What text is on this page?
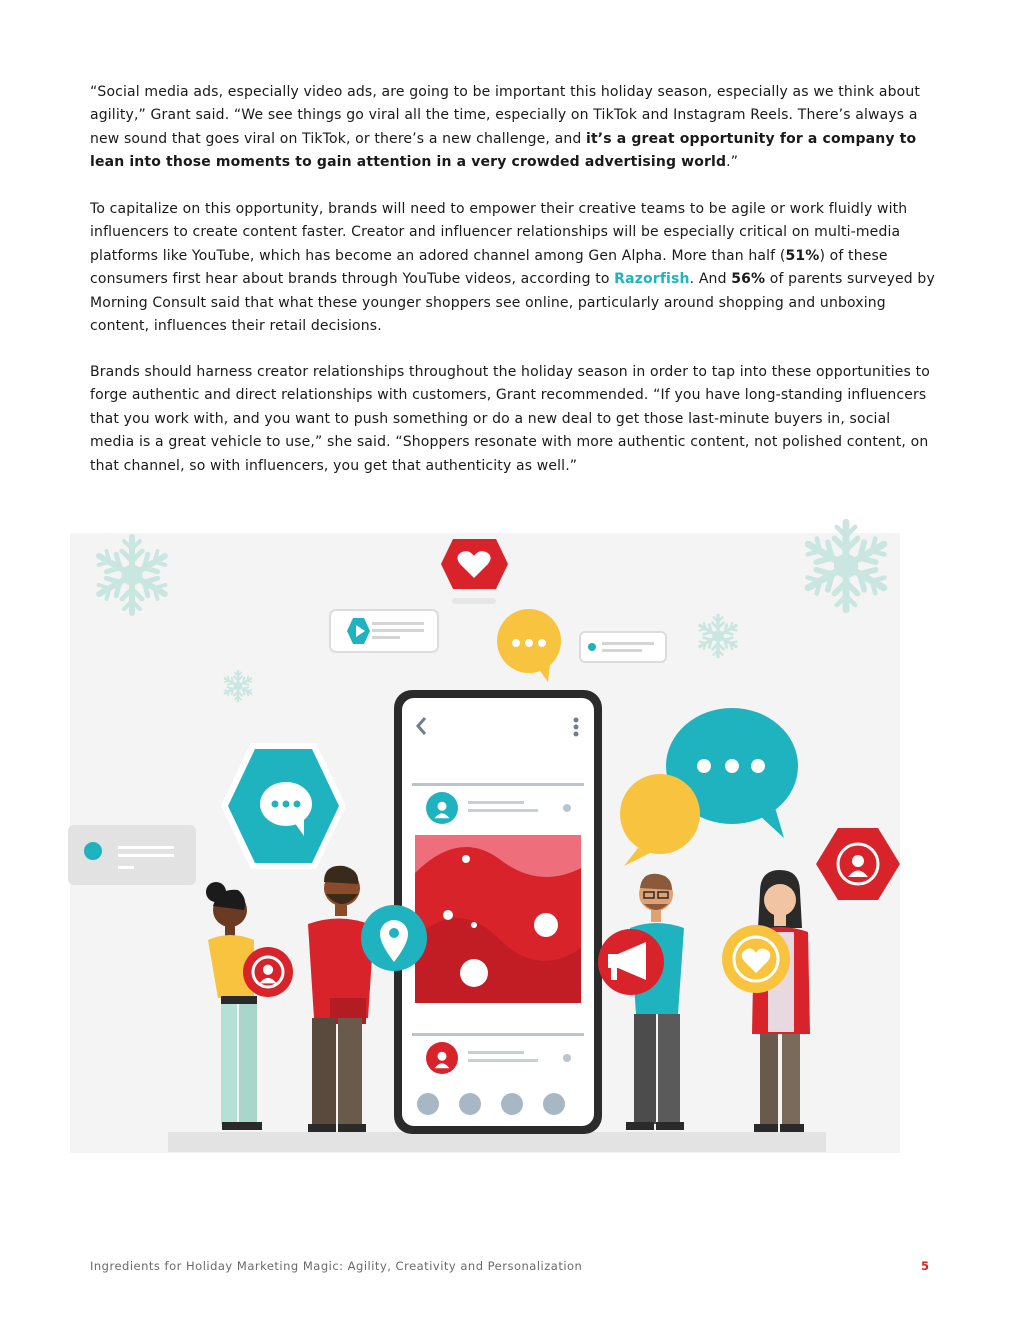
“Social media ads, especially video ads, are going to be important this holiday season, especially as we think about agility,” Grant said. “We see things go viral all the time, especially on TikTok and Instagram Reels. There’s always a new sound that goes viral on TikTok, or there’s a new challenge, and it’s a great opportunity for a company to lean into those moments to gain attention in a very crowded advertising world.”

To capitalize on this opportunity, brands will need to empower their creative teams to be agile or work fluidly with influencers to create content faster. Creator and influencer relationships will be especially critical on multi-media platforms like YouTube, which has become an adored channel among Gen Alpha. More than half (51%) of these consumers first hear about brands through YouTube videos, according to Razorfish. And 56% of parents surveyed by Morning Consult said that what these younger shoppers see online, particularly around shopping and unboxing content, influences their retail decisions.

Brands should harness creator relationships throughout the holiday season in order to tap into these opportunities to forge authentic and direct relationships with customers, Grant recommended. “If you have long-standing influencers that you work with, and you want to push something or do a new deal to get those last-minute buyers in, social media is a great vehicle to use,” she said. “Shoppers resonate with more authentic content, not polished content, on that channel, so with influencers, you get that authenticity as well.”

Ingredients for Holiday Marketing Magic: Agility, Creativity and Personalization	5
